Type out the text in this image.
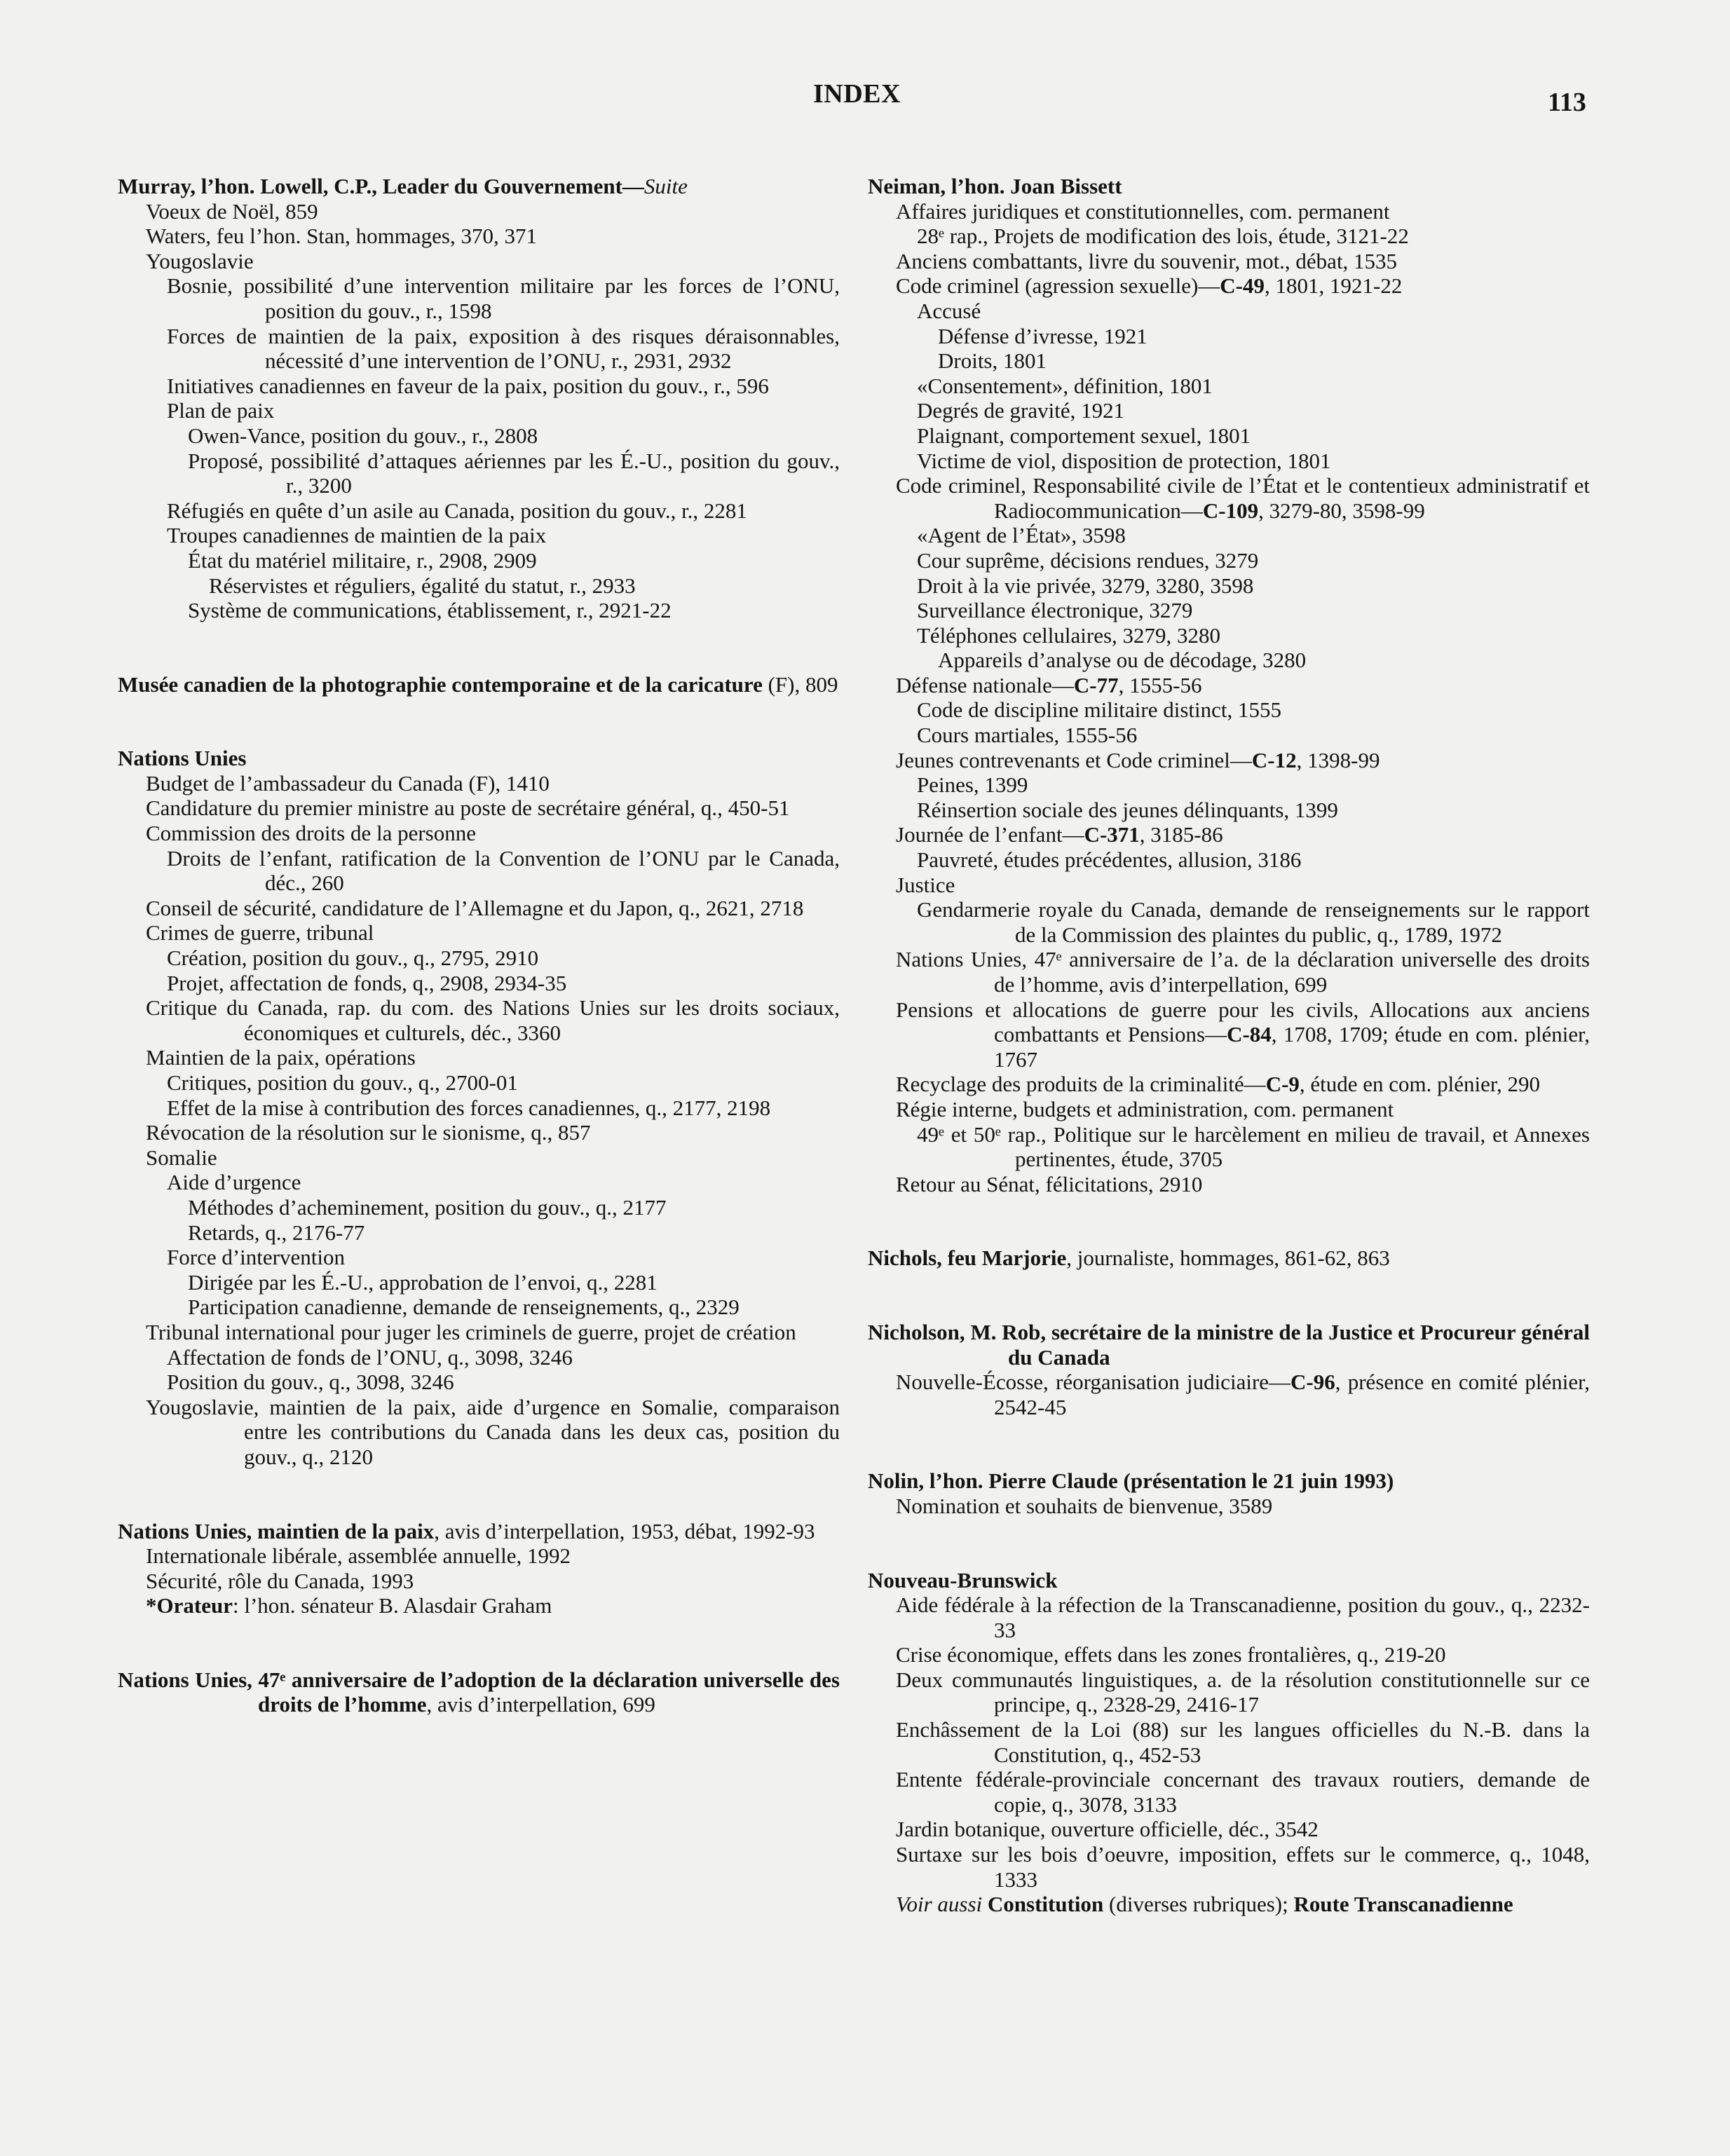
INDEX	113
Murray, l’hon. Lowell, C.P., Leader du Gouvernement—Suite
Voeux de Noël, 859
Waters, feu l’hon. Stan, hommages, 370, 371
Yougoslavie
Bosnie, possibilité d’une intervention militaire par les forces de l’ONU, position du gouv., r., 1598
Forces de maintien de la paix, exposition à des risques déraisonnables, nécessité d’une intervention de l’ONU, r., 2931, 2932
Initiatives canadiennes en faveur de la paix, position du gouv., r., 596
Plan de paix
Owen-Vance, position du gouv., r., 2808
Proposé, possibilité d’attaques aériennes par les É.-U., position du gouv., r., 3200
Réfugiés en quête d’un asile au Canada, position du gouv., r., 2281
Troupes canadiennes de maintien de la paix
État du matériel militaire, r., 2908, 2909
Réservistes et réguliers, égalité du statut, r., 2933
Système de communications, établissement, r., 2921-22
Musée canadien de la photographie contemporaine et de la caricature (F), 809
Nations Unies
Budget de l’ambassadeur du Canada (F), 1410
Candidature du premier ministre au poste de secrétaire général, q., 450-51
Commission des droits de la personne
Droits de l’enfant, ratification de la Convention de l’ONU par le Canada, déc., 260
Conseil de sécurité, candidature de l’Allemagne et du Japon, q., 2621, 2718
Crimes de guerre, tribunal
Création, position du gouv., q., 2795, 2910
Projet, affectation de fonds, q., 2908, 2934-35
Critique du Canada, rap. du com. des Nations Unies sur les droits sociaux, économiques et culturels, déc., 3360
Maintien de la paix, opérations
Critiques, position du gouv., q., 2700-01
Effet de la mise à contribution des forces canadiennes, q., 2177, 2198
Révocation de la résolution sur le sionisme, q., 857
Somalie
Aide d’urgence
Méthodes d’acheminement, position du gouv., q., 2177
Retards, q., 2176-77
Force d’intervention
Dirigée par les É.-U., approbation de l’envoi, q., 2281
Participation canadienne, demande de renseignements, q., 2329
Tribunal international pour juger les criminels de guerre, projet de création
Affectation de fonds de l’ONU, q., 3098, 3246
Position du gouv., q., 3098, 3246
Yougoslavie, maintien de la paix, aide d’urgence en Somalie, comparaison entre les contributions du Canada dans les deux cas, position du gouv., q., 2120
Nations Unies, maintien de la paix, avis d’interpellation, 1953, débat, 1992-93
Internationale libérale, assemblée annuelle, 1992
Sécurité, rôle du Canada, 1993
*Orateur: l’hon. sénateur B. Alasdair Graham
Nations Unies, 47ᵉ anniversaire de l’adoption de la déclaration universelle des droits de l’homme, avis d’interpellation, 699
Neiman, l’hon. Joan Bissett
Affaires juridiques et constitutionnelles, com. permanent
28ᵉ rap., Projets de modification des lois, étude, 3121-22
Anciens combattants, livre du souvenir, mot., débat, 1535
Code criminel (agression sexuelle)—C-49, 1801, 1921-22
Accusé
Défense d’ivresse, 1921
Droits, 1801
«Consentement», définition, 1801
Degrés de gravité, 1921
Plaignant, comportement sexuel, 1801
Victime de viol, disposition de protection, 1801
Code criminel, Responsabilité civile de l’État et le contentieux administratif et Radiocommunication—C-109, 3279-80, 3598-99
«Agent de l’État», 3598
Cour suprême, décisions rendues, 3279
Droit à la vie privée, 3279, 3280, 3598
Surveillance électronique, 3279
Téléphones cellulaires, 3279, 3280
Appareils d’analyse ou de décodage, 3280
Défense nationale—C-77, 1555-56
Code de discipline militaire distinct, 1555
Cours martiales, 1555-56
Jeunes contrevenants et Code criminel—C-12, 1398-99
Peines, 1399
Réinsertion sociale des jeunes délinquants, 1399
Journée de l’enfant—C-371, 3185-86
Pauvreté, études précédentes, allusion, 3186
Justice
Gendarmerie royale du Canada, demande de renseignements sur le rapport de la Commission des plaintes du public, q., 1789, 1972
Nations Unies, 47ᵉ anniversaire de l’a. de la déclaration universelle des droits de l’homme, avis d’interpellation, 699
Pensions et allocations de guerre pour les civils, Allocations aux anciens combattants et Pensions—C-84, 1708, 1709; étude en com. plénier, 1767
Recyclage des produits de la criminalité—C-9, étude en com. plénier, 290
Régie interne, budgets et administration, com. permanent
49ᵉ et 50ᵉ rap., Politique sur le harcèlement en milieu de travail, et Annexes pertinentes, étude, 3705
Retour au Sénat, félicitations, 2910
Nichols, feu Marjorie, journaliste, hommages, 861-62, 863
Nicholson, M. Rob, secrétaire de la ministre de la Justice et Procureur général du Canada
Nouvelle-Écosse, réorganisation judiciaire—C-96, présence en comité plénier, 2542-45
Nolin, l’hon. Pierre Claude (présentation le 21 juin 1993)
Nomination et souhaits de bienvenue, 3589
Nouveau-Brunswick
Aide fédérale à la réfection de la Transcanadienne, position du gouv., q., 2232-33
Crise économique, effets dans les zones frontalières, q., 219-20
Deux communautés linguistiques, a. de la résolution constitutionnelle sur ce principe, q., 2328-29, 2416-17
Enchâssement de la Loi (88) sur les langues officielles du N.-B. dans la Constitution, q., 452-53
Entente fédérale-provinciale concernant des travaux routiers, demande de copie, q., 3078, 3133
Jardin botanique, ouverture officielle, déc., 3542
Surtaxe sur les bois d’oeuvre, imposition, effets sur le commerce, q., 1048, 1333
Voir aussi Constitution (diverses rubriques); Route Transcanadienne
